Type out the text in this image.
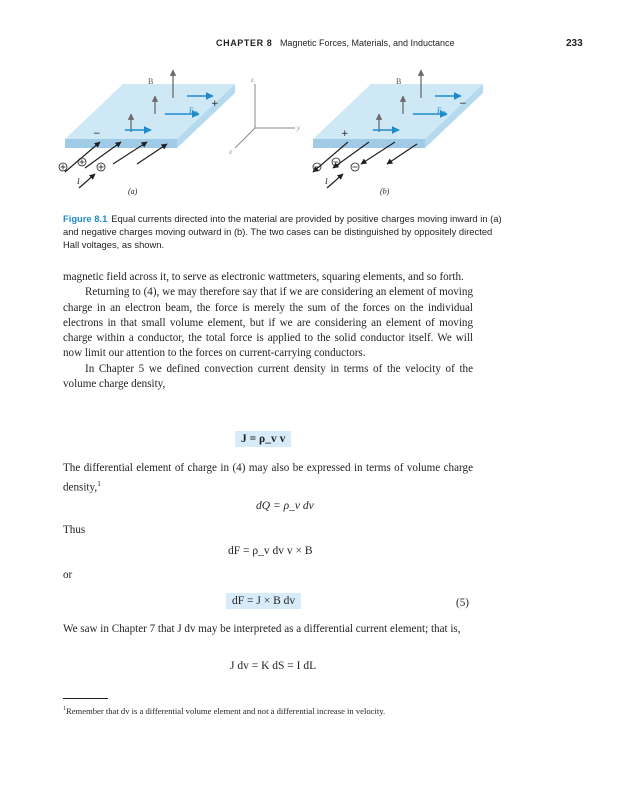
CHAPTER 8 Magnetic Forces, Materials, and Inductance	233
B
$F_Q$
+
−
I
(a)
z
y
x
B
$F_Q$
−
+
I
(b)
Figure 8.1 Equal currents directed into the material are provided by positive charges moving inward in (a) and negative charges moving outward in (b). The two cases can be distinguished by oppositely directed Hall voltages, as shown.

magnetic field across it, to serve as electronic wattmeters, squaring elements, and so forth.

Returning to (4), we may therefore say that if we are considering an element of moving charge in an electron beam, the force is merely the sum of the forces on the individual electrons in that small volume element, but if we are considering an element of moving charge within a conductor, the total force is applied to the solid conductor itself. We will now limit our attention to the forces on current-carrying conductors.

In Chapter 5 we defined convection current density in terms of the velocity of the volume charge density,

J = ρ_v v

The differential element of charge in (4) may also be expressed in terms of volume charge density,$^1$

dQ = ρ_v dv
Thus
dF = ρ_v dv v × B
or
dF = J × B dv	(5)

We saw in Chapter 7 that J dv may be interpreted as a differential current element; that is,

J dv = K dS = I dL
$^1$Remember that dv is a differential volume element and not a differential increase in velocity.
